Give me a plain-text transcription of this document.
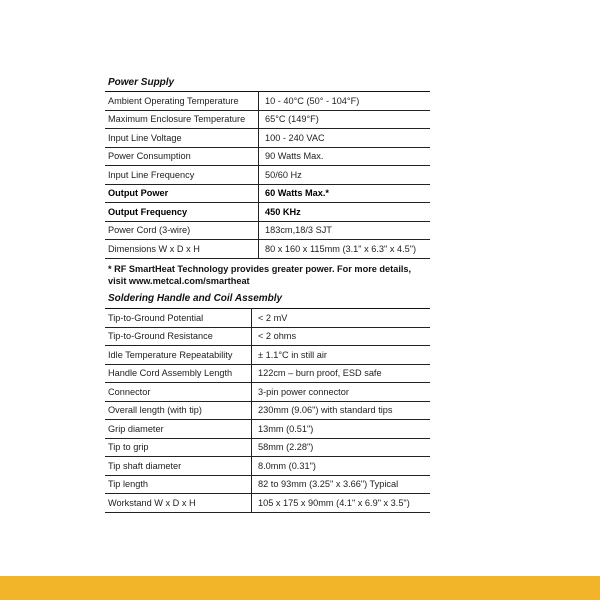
Power Supply
Ambient Operating Temperature	10 - 40°C (50° - 104°F)
Maximum Enclosure Temperature	65°C (149°F)
Input Line Voltage	100 - 240 VAC
Power Consumption	90 Watts Max.
Input Line Frequency	50/60 Hz
Output Power	60 Watts Max.*
Output Frequency	450 KHz
Power Cord (3-wire)	183cm,18/3 SJT
Dimensions W x D x H	80 x 160 x 115mm (3.1" x 6.3" x 4.5")
* RF SmartHeat Technology provides greater power. For more details,
visit www.metcal.com/smartheat
Soldering Handle and Coil Assembly
Tip-to-Ground Potential	< 2 mV
Tip-to-Ground Resistance	< 2 ohms
Idle Temperature Repeatability	± 1.1°C in still air
Handle Cord Assembly Length	122cm – burn proof, ESD safe
Connector	3-pin power connector
Overall length (with tip)	230mm (9.06") with standard tips
Grip diameter	13mm (0.51")
Tip to grip	58mm (2.28")
Tip shaft diameter	8.0mm (0.31")
Tip length	82 to 93mm (3.25" x 3.66") Typical
Workstand W x D x H	105 x 175 x 90mm (4.1" x 6.9" x 3.5")
